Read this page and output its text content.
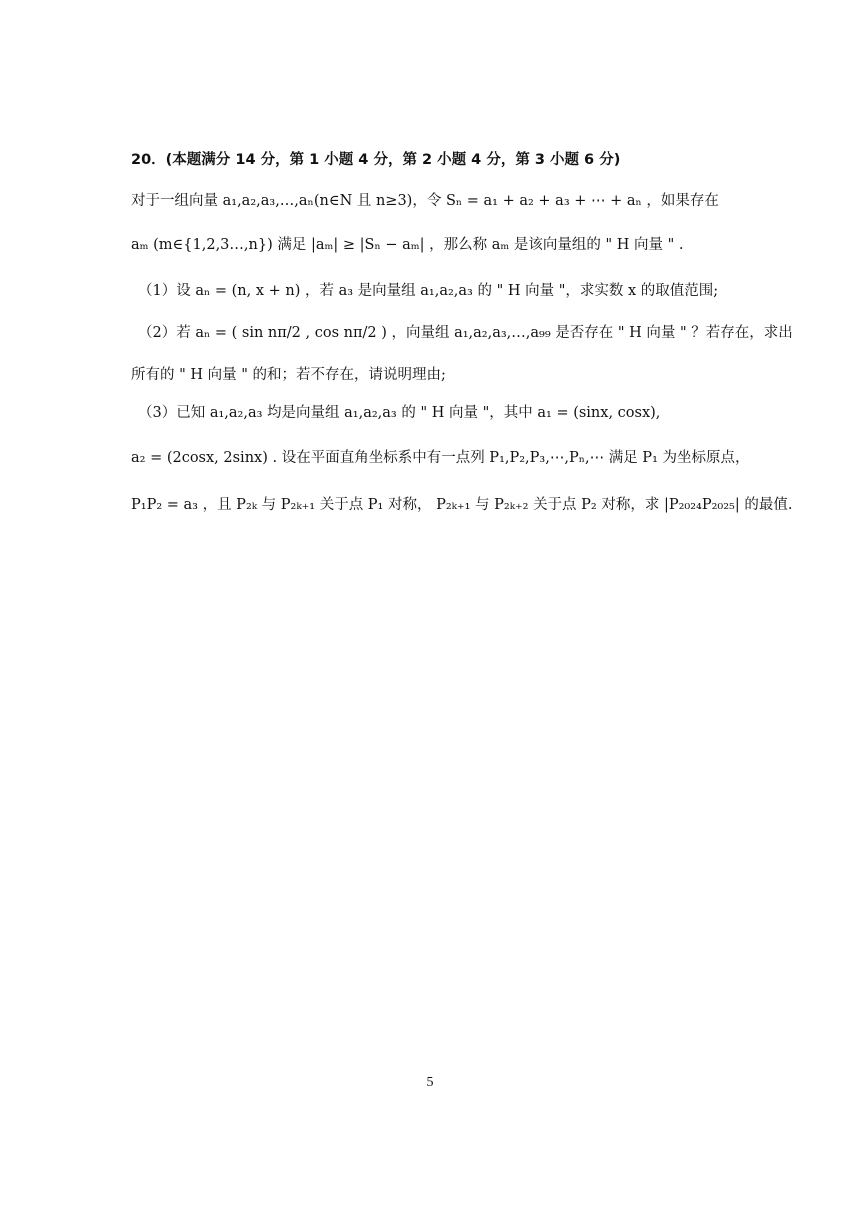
20．(本题满分 14 分，第 1 小题 4 分，第 2 小题 4 分，第 3 小题 6 分)
对于一组向量 a₁,a₂,a₃,…,aₙ(n∈N 且 n≥3)，令 Sₙ = a₁ + a₂ + a₃ + ⋯ + aₙ ，如果存在
aₘ (m∈{1,2,3…,n}) 满足 |aₘ| ≥ |Sₙ − aₘ| ，那么称 aₘ 是该向量组的 " H 向量 " .
（1）设 aₙ = (n, x + n) ，若 a₃ 是向量组 a₁,a₂,a₃ 的 " H 向量 "，求实数 x 的取值范围;
（2）若 aₙ = ( sin nπ/2 , cos nπ/2 ) ，向量组 a₁,a₂,a₃,…,a₉₉ 是否存在 " H 向量 " ？若存在，求出
所有的 " H 向量 " 的和；若不存在，请说明理由;
（3）已知 a₁,a₂,a₃ 均是向量组 a₁,a₂,a₃ 的 " H 向量 "，其中 a₁ = (sinx, cosx),
a₂ = (2cosx, 2sinx) . 设在平面直角坐标系中有一点列 P₁,P₂,P₃,⋯,Pₙ,⋯ 满足 P₁ 为坐标原点，
P₁P₂ = a₃ ，且 P₂ₖ 与 P₂ₖ₊₁ 关于点 P₁ 对称， P₂ₖ₊₁ 与 P₂ₖ₊₂ 关于点 P₂ 对称，求 |P₂₀₂₄P₂₀₂₅| 的最值.
5
